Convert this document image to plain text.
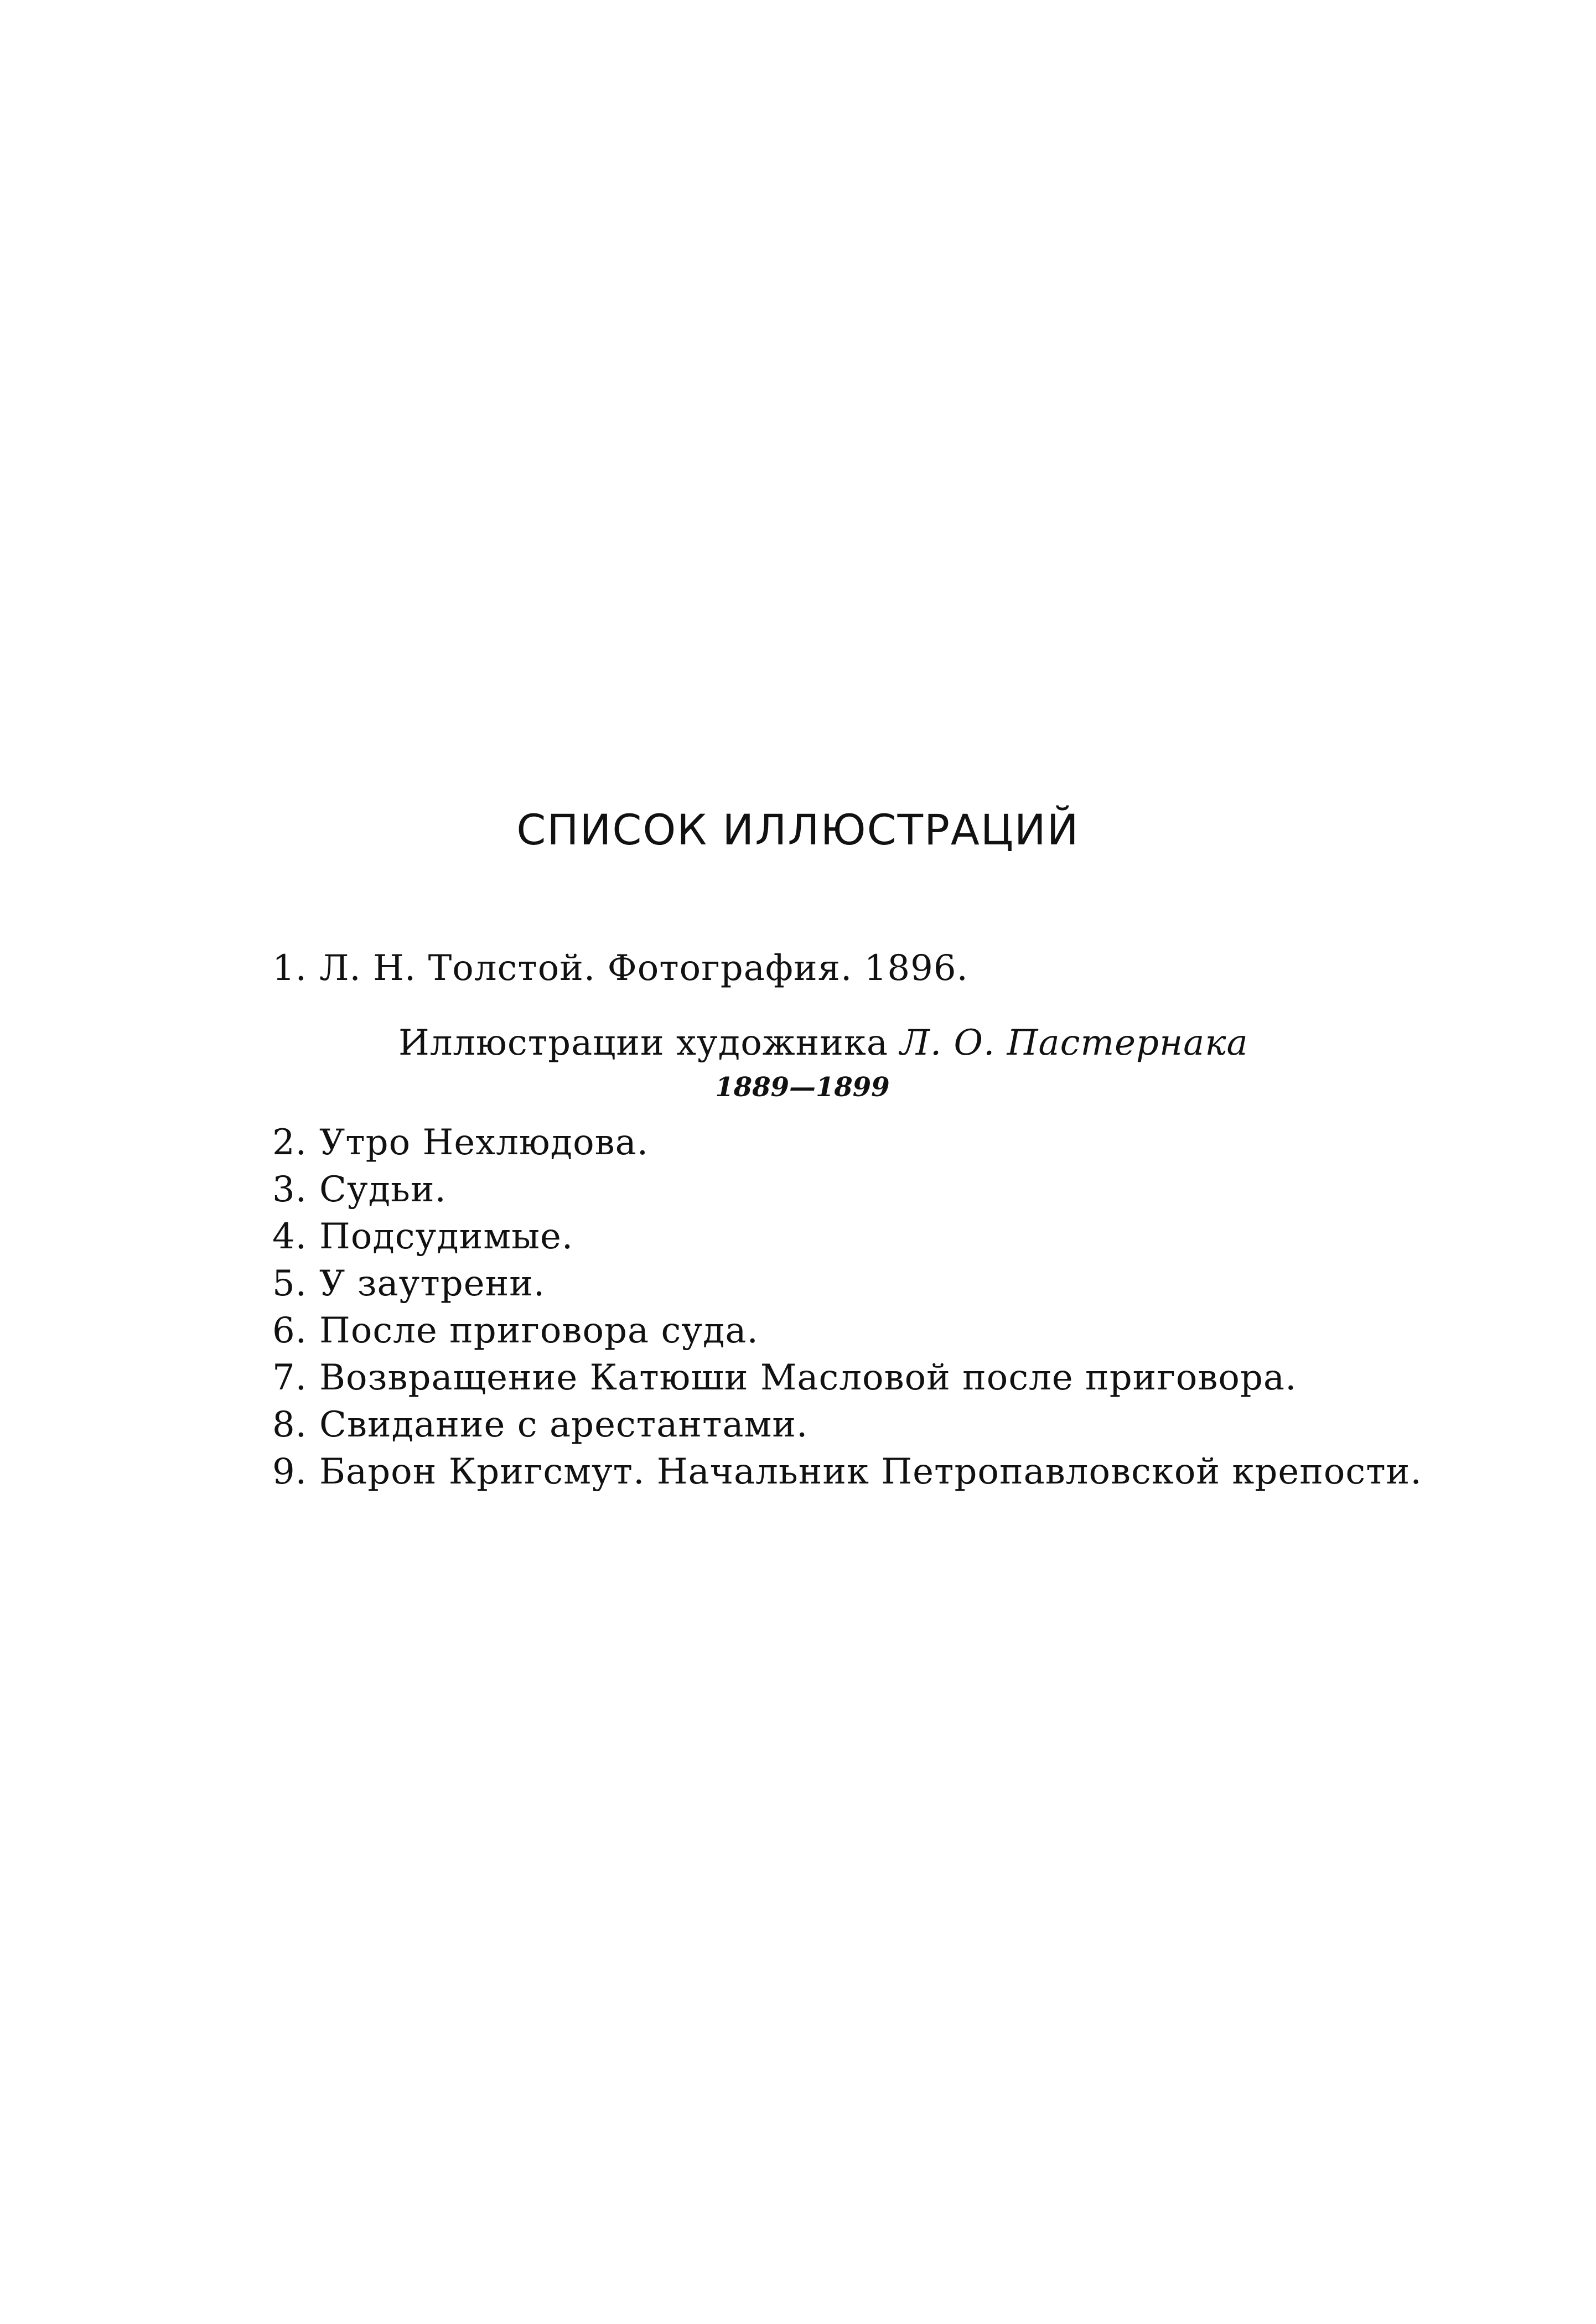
СПИСОК ИЛЛЮСТРАЦИЙ
1. Л. Н. Толстой. Фотография. 1896.
Иллюстрации художника Л. О. Пастернака
1889—1899
2. Утро Нехлюдова.
3. Судьи.
4. Подсудимые.
5. У заутрени.
6. После приговора суда.
7. Возвращение Катюши Масловой после приговора.
8. Свидание с арестантами.
9. Барон Кригсмут. Начальник Петропавловской крепости.
